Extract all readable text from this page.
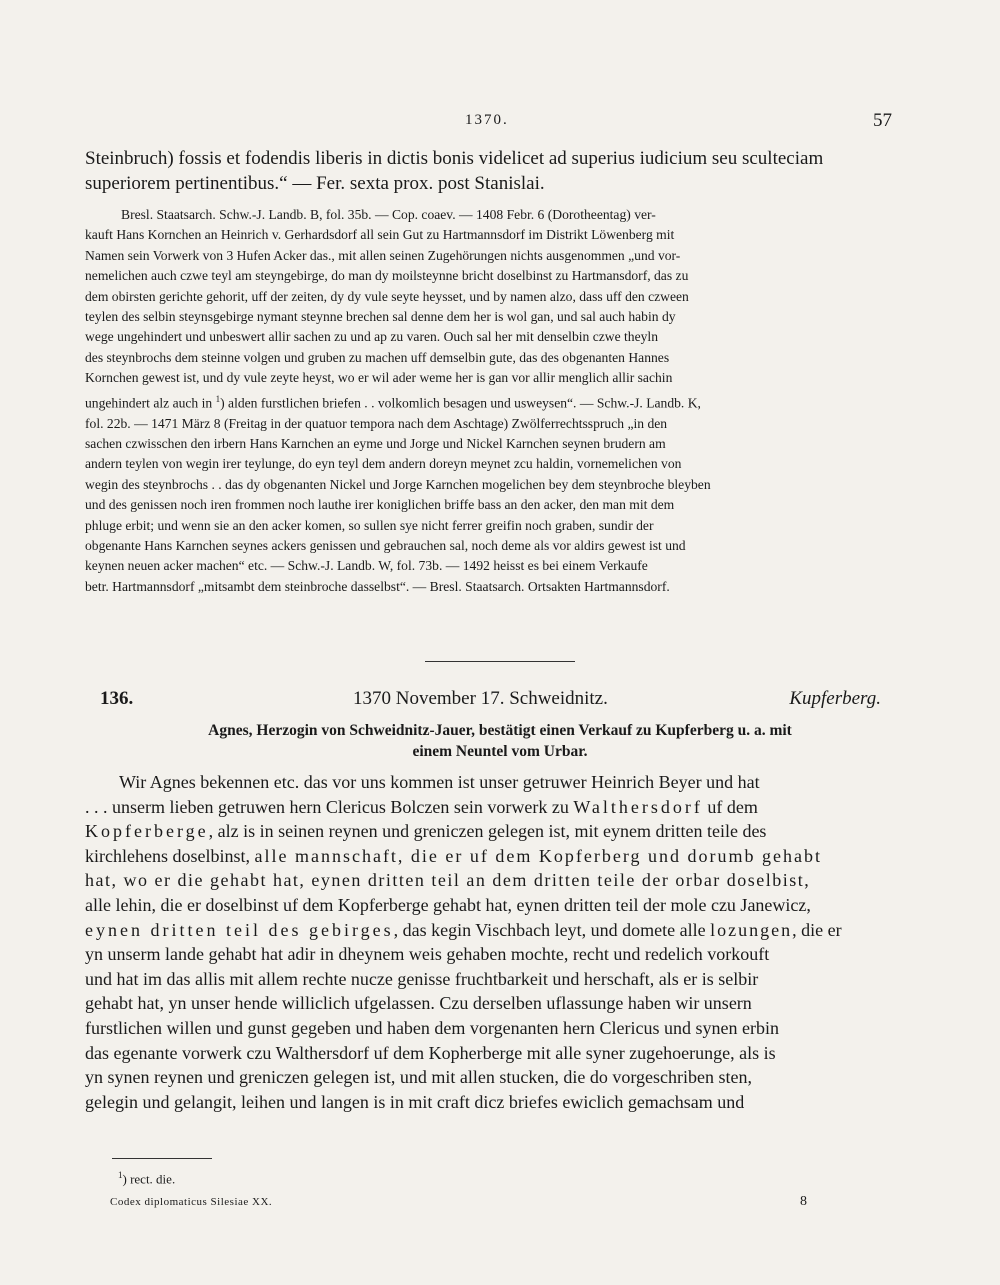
1370.	57
Steinbruch) fossis et fodendis liberis in dictis bonis videlicet ad superius iudicium seu sculteciam
superiorem pertinentibus.“ — Fer. sexta prox. post Stanislai.
Bresl. Staatsarch. Schw.-J. Landb. B, fol. 35b. — Cop. coaev. — 1408 Febr. 6 (Dorotheentag) ver-
kauft Hans Kornchen an Heinrich v. Gerhardsdorf all sein Gut zu Hartmannsdorf im Distrikt Löwenberg mit
Namen sein Vorwerk von 3 Hufen Acker das., mit allen seinen Zugehörungen nichts ausgenommen „und vor-
nemelichen auch czwe teyl am steyngebirge, do man dy moilsteynne bricht doselbinst zu Hartmansdorf, das zu
dem obirsten gerichte gehorit, uff der zeiten, dy dy vule seyte heysset, und by namen alzo, dass uff den czween
teylen des selbin steynsgebirge nymant steynne brechen sal denne dem her is wol gan, und sal auch habin dy
wege ungehindert und unbeswert allir sachen zu und ap zu varen. Ouch sal her mit denselbin czwe theyln
des steynbrochs dem steinne volgen und gruben zu machen uff demselbin gute, das des obgenanten Hannes
Kornchen gewest ist, und dy vule zeyte heyst, wo er wil ader weme her is gan vor allir menglich allir sachin
ungehindert alz auch in $^1$) alden furstlichen briefen . . volkomlich besagen und usweysen“. — Schw.-J. Landb. K,
fol. 22b. — 1471 März 8 (Freitag in der quatuor tempora nach dem Aschtage) Zwölferrechtsspruch „in den
sachen czwisschen den irbern Hans Karnchen an eyme und Jorge und Nickel Karnchen seynen brudern am
andern teylen von wegin irer teylunge, do eyn teyl dem andern doreyn meynet zcu haldin, vornemelichen von
wegin des steynbrochs . . das dy obgenanten Nickel und Jorge Karnchen mogelichen bey dem steynbroche bleyben
und des genissen noch iren frommen noch lauthe irer koniglichen briffe bass an den acker, den man mit dem
phluge erbit; und wenn sie an den acker komen, so sullen sye nicht ferrer greifin noch graben, sundir der
obgenante Hans Karnchen seynes ackers genissen und gebrauchen sal, noch deme als vor aldirs gewest ist und
keynen neuen acker machen“ etc. — Schw.-J. Landb. W, fol. 73b. — 1492 heisst es bei einem Verkaufe
betr. Hartmannsdorf „mitsambt dem steinbroche dasselbst“. — Bresl. Staatsarch. Ortsakten Hartmannsdorf.
136.	1370 November 17. Schweidnitz.	Kupferberg.
Agnes, Herzogin von Schweidnitz-Jauer, bestätigt einen Verkauf zu Kupferberg u. a. mit
einem Neuntel vom Urbar.
Wir Agnes bekennen etc. das vor uns kommen ist unser getruwer Heinrich Beyer und hat
. . . unserm lieben getruwen hern Clericus Bolczen sein vorwerk zu Walthersdorf uf dem
Kopferberge, alz is in seinen reynen und greniczen gelegen ist, mit eynem dritten teile des
kirchlehens doselbinst, alle mannschaft, die er uf dem Kopferberg und dorumb gehabt
hat, wo er die gehabt hat, eynen dritten teil an dem dritten teile der orbar doselbist,
alle lehin, die er doselbinst uf dem Kopferberge gehabt hat, eynen dritten teil der mole czu Janewicz,
eynen dritten teil des gebirges, das kegin Vischbach leyt, und domete alle lozungen, die er
yn unserm lande gehabt hat adir in dheynem weis gehaben mochte, recht und redelich vorkouft
und hat im das allis mit allem rechte nucze genisse fruchtbarkeit und herschaft, als er is selbir
gehabt hat, yn unser hende williclich ufgelassen. Czu derselben uflassunge haben wir unsern
furstlichen willen und gunst gegeben und haben dem vorgenanten hern Clericus und synen erbin
das egenante vorwerk czu Walthersdorf uf dem Kopherberge mit alle syner zugehoerunge, als is
yn synen reynen und greniczen gelegen ist, und mit allen stucken, die do vorgeschriben sten,
gelegin und gelangit, leihen und langen is in mit craft dicz briefes ewiclich gemachsam und
$^1$) rect. die.
Codex diplomaticus Silesiae XX.	8
